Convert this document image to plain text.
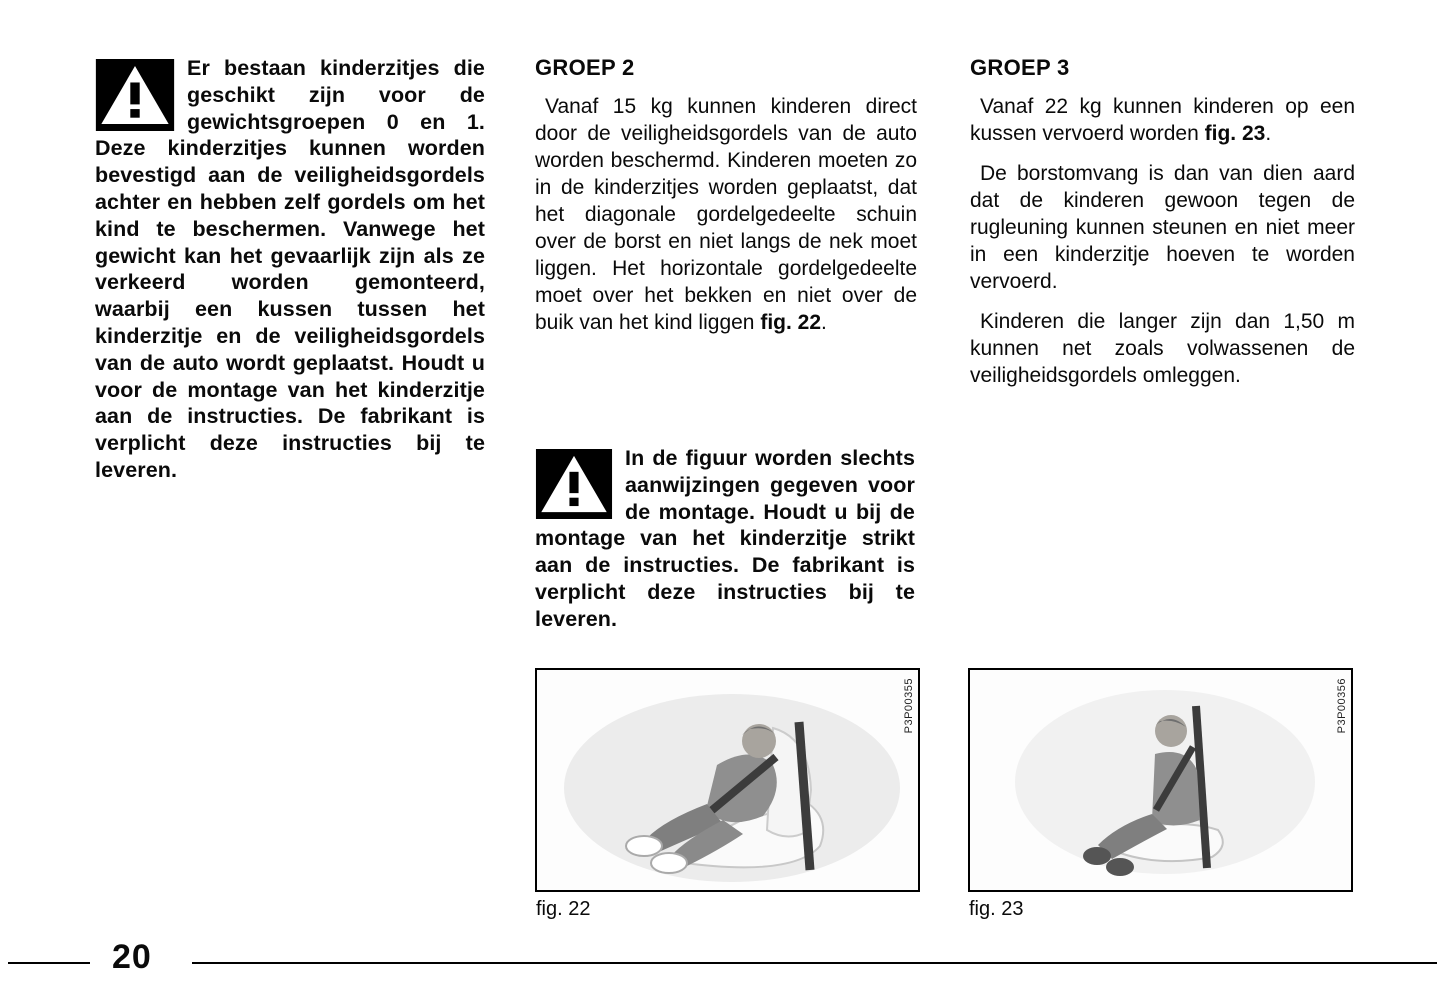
Er bestaan kinderzitjes die geschikt zijn voor de gewichtsgroepen 0 en 1. Deze kinderzitjes kunnen worden bevestigd aan de veiligheidsgordels achter en hebben zelf gordels om het kind te beschermen. Vanwege het gewicht kan het gevaarlijk zijn als ze verkeerd worden gemonteerd, waarbij een kussen tussen het kinderzitje en de veiligheidsgordels van de auto wordt geplaatst. Houdt u voor de montage van het kinderzitje aan de instructies. De fabrikant is verplicht deze instructies bij te leveren.

GROEP 2

Vanaf 15 kg kunnen kinderen direct door de veiligheidsgordels van de auto worden beschermd. Kinderen moeten zo in de kinderzitjes worden geplaatst, dat het diagonale gordelgedeelte schuin over de borst en niet langs de nek moet liggen. Het horizontale gordelgedeelte moet over het bekken en niet over de buik van het kind liggen fig. 22.

In de figuur worden slechts aanwijzingen gegeven voor de montage. Houdt u bij de montage van het kinderzitje strikt aan de instructies. De fabrikant is verplicht deze instructies bij te leveren.

P3P00355
fig. 22
GROEP 3

Vanaf 22 kg kunnen kinderen op een kussen vervoerd worden fig. 23.

De borstomvang is dan van dien aard dat de kinderen gewoon tegen de rugleuning kunnen steunen en niet meer in een kinderzitje hoeven te worden vervoerd.

Kinderen die langer zijn dan 1,50 m kunnen net zoals volwassenen de veiligheidsgordels omleggen.

P3P00356
fig. 23
20
